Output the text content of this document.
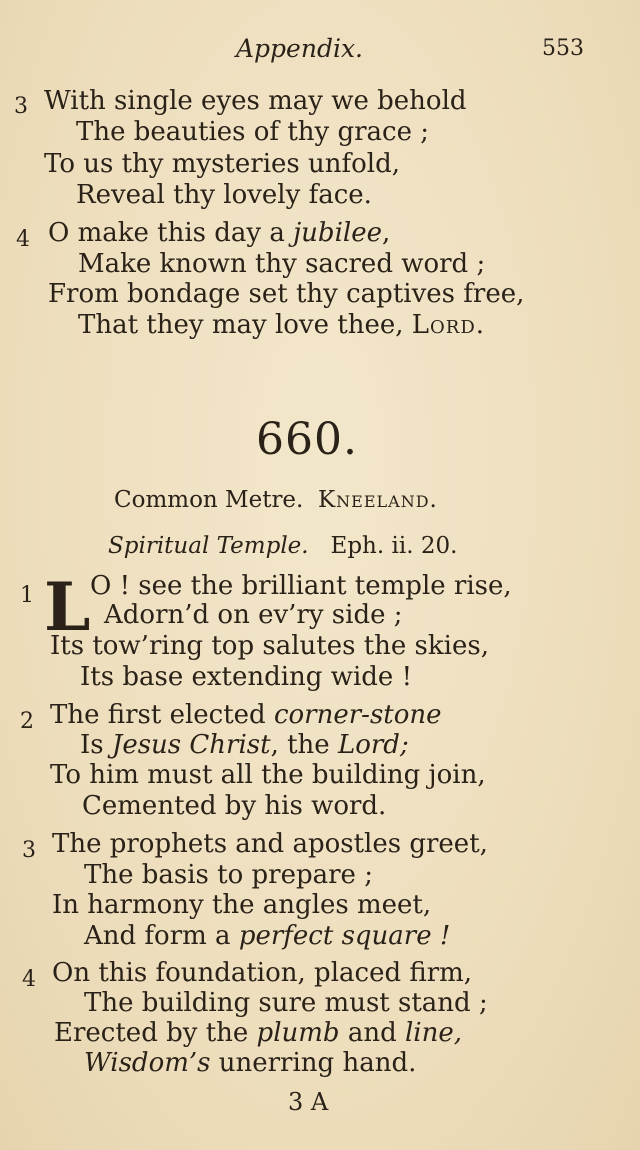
Appendix.	553
3 With single eyes may we behold
The beauties of thy grace ;
To us thy mysteries unfold,
Reveal thy lovely face.
4 O make this day a jubilee,
Make known thy sacred word ;
From bondage set thy captives free,
That they may love thee, Lord.
660.
Common Metre. Kneeland.
Spiritual Temple. Eph. ii. 20.
1 L O ! see the brilliant temple rise,
Adorn’d on ev’ry side ;
Its tow’ring top salutes the skies,
Its base extending wide !
2 The first elected corner-stone
Is Jesus Christ, the Lord;
To him must all the building join,
Cemented by his word.
3 The prophets and apostles greet,
The basis to prepare ;
In harmony the angles meet,
And form a perfect square !
4 On this foundation, placed firm,
The building sure must stand ;
Erected by the plumb and line,
Wisdom’s unerring hand.
3 A
